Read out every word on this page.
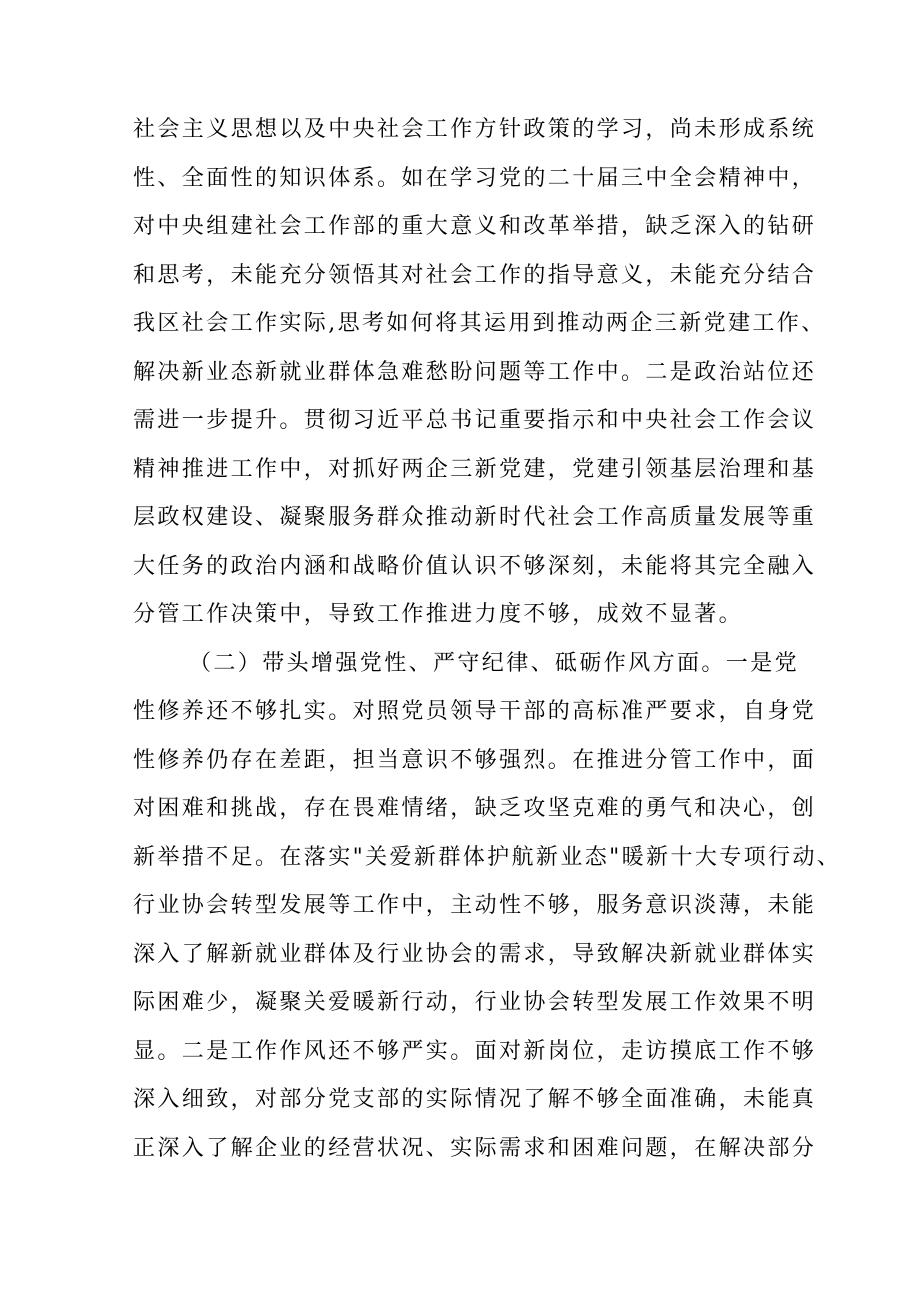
社会主义思想以及中央社会工作方针政策的学习，尚未形成系统
性、全面性的知识体系。如在学习党的二十届三中全会精神中，
对中央组建社会工作部的重大意义和改革举措，缺乏深入的钻研
和思考，未能充分领悟其对社会工作的指导意义，未能充分结合
我区社会工作实际,思考如何将其运用到推动两企三新党建工作、
解决新业态新就业群体急难愁盼问题等工作中。二是政治站位还
需进一步提升。贯彻习近平总书记重要指示和中央社会工作会议
精神推进工作中，对抓好两企三新党建，党建引领基层治理和基
层政权建设、凝聚服务群众推动新时代社会工作高质量发展等重
大任务的政治内涵和战略价值认识不够深刻，未能将其完全融入
分管工作决策中，导致工作推进力度不够，成效不显著。
（二）带头增强党性、严守纪律、砥砺作风方面。一是党
性修养还不够扎实。对照党员领导干部的高标准严要求，自身党
性修养仍存在差距，担当意识不够强烈。在推进分管工作中，面
对困难和挑战，存在畏难情绪，缺乏攻坚克难的勇气和决心，创
新举措不足。在落实"关爱新群体护航新业态"暖新十大专项行动、
行业协会转型发展等工作中，主动性不够，服务意识淡薄，未能
深入了解新就业群体及行业协会的需求，导致解决新就业群体实
际困难少，凝聚关爱暖新行动，行业协会转型发展工作效果不明
显。二是工作作风还不够严实。面对新岗位，走访摸底工作不够
深入细致，对部分党支部的实际情况了解不够全面准确，未能真
正深入了解企业的经营状况、实际需求和困难问题，在解决部分
